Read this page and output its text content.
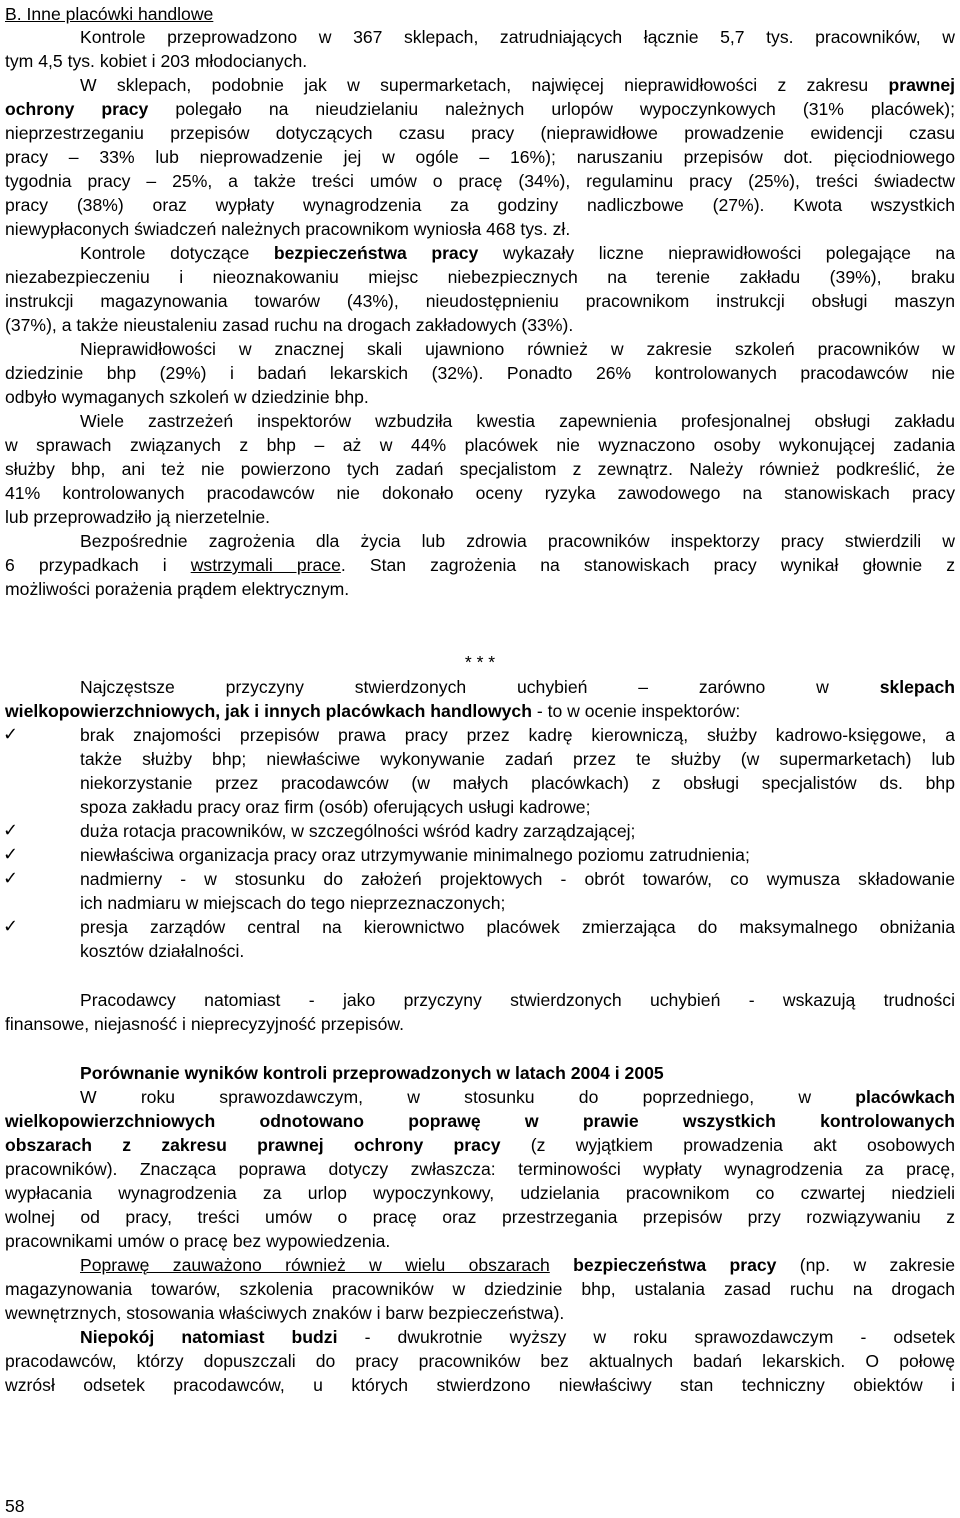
B. Inne placówki handlowe
Kontrole przeprowadzono w 367 sklepach, zatrudniających łącznie 5,7 tys. pracowników, w
tym 4,5 tys. kobiet i 203 młodocianych.
W sklepach, podobnie jak w supermarketach, najwięcej nieprawidłowości z zakresu prawnej
ochrony pracy polegało na nieudzielaniu należnych urlopów wypoczynkowych (31% placówek);
nieprzestrzeganiu przepisów dotyczących czasu pracy (nieprawidłowe prowadzenie ewidencji czasu
pracy – 33% lub nieprowadzenie jej w ogóle – 16%); naruszaniu przepisów dot. pięciodniowego
tygodnia pracy – 25%, a także treści umów o pracę (34%), regulaminu pracy (25%), treści świadectw
pracy (38%) oraz wypłaty wynagrodzenia za godziny nadliczbowe (27%). Kwota wszystkich
niewypłaconych świadczeń należnych pracownikom wyniosła 468 tys. zł.
Kontrole dotyczące bezpieczeństwa pracy wykazały liczne nieprawidłowości polegające na
niezabezpieczeniu i nieoznakowaniu miejsc niebezpiecznych na terenie zakładu (39%), braku
instrukcji magazynowania towarów (43%), nieudostępnieniu pracownikom instrukcji obsługi maszyn
(37%), a także nieustaleniu zasad ruchu na drogach zakładowych (33%).
Nieprawidłowości w znacznej skali ujawniono również w zakresie szkoleń pracowników w
dziedzinie bhp (29%) i badań lekarskich (32%). Ponadto 26% kontrolowanych pracodawców nie
odbyło wymaganych szkoleń w dziedzinie bhp.
Wiele zastrzeżeń inspektorów wzbudziła kwestia zapewnienia profesjonalnej obsługi zakładu
w sprawach związanych z bhp – aż w 44% placówek nie wyznaczono osoby wykonującej zadania
służby bhp, ani też nie powierzono tych zadań specjalistom z zewnątrz. Należy również podkreślić, że
41% kontrolowanych pracodawców nie dokonało oceny ryzyka zawodowego na stanowiskach pracy
lub przeprowadziło ją nierzetelnie.
Bezpośrednie zagrożenia dla życia lub zdrowia pracowników inspektorzy pracy stwierdzili w
6 przypadkach i wstrzymali prace. Stan zagrożenia na stanowiskach pracy wynikał głownie z
możliwości porażenia prądem elektrycznym.
* * *
Najczęstsze przyczyny stwierdzonych uchybień – zarówno w sklepach
wielkopowierzchniowych, jak i innych placówkach handlowych - to w ocenie inspektorów:
✓	brak znajomości przepisów prawa pracy przez kadrę kierowniczą, służby kadrowo-księgowe, a
także służby bhp; niewłaściwe wykonywanie zadań przez te służby (w supermarketach) lub
niekorzystanie przez pracodawców (w małych placówkach) z obsługi specjalistów ds. bhp
spoza zakładu pracy oraz firm (osób) oferujących usługi kadrowe;
✓	duża rotacja pracowników, w szczególności wśród kadry zarządzającej;
✓	niewłaściwa organizacja pracy oraz utrzymywanie minimalnego poziomu zatrudnienia;
✓	nadmierny - w stosunku do założeń projektowych - obrót towarów, co wymusza składowanie
ich nadmiaru w miejscach do tego nieprzeznaczonych;
✓	presja zarządów central na kierownictwo placówek zmierzająca do maksymalnego obniżania
kosztów działalności.
Pracodawcy natomiast - jako przyczyny stwierdzonych uchybień - wskazują trudności
finansowe, niejasność i nieprecyzyjność przepisów.
Porównanie wyników kontroli przeprowadzonych w latach 2004 i 2005
W roku sprawozdawczym, w stosunku do poprzedniego, w placówkach
wielkopowierzchniowych odnotowano poprawę w prawie wszystkich kontrolowanych
obszarach z zakresu prawnej ochrony pracy (z wyjątkiem prowadzenia akt osobowych
pracowników). Znacząca poprawa dotyczy zwłaszcza: terminowości wypłaty wynagrodzenia za pracę,
wypłacania wynagrodzenia za urlop wypoczynkowy, udzielania pracownikom co czwartej niedzieli
wolnej od pracy, treści umów o pracę oraz przestrzegania przepisów przy rozwiązywaniu z
pracownikami umów o pracę bez wypowiedzenia.
Poprawę zauważono również w wielu obszarach bezpieczeństwa pracy (np. w zakresie
magazynowania towarów, szkolenia pracowników w dziedzinie bhp, ustalania zasad ruchu na drogach
wewnętrznych, stosowania właściwych znaków i barw bezpieczeństwa).
Niepokój natomiast budzi - dwukrotnie wyższy w roku sprawozdawczym - odsetek
pracodawców, którzy dopuszczali do pracy pracowników bez aktualnych badań lekarskich. O połowę
wzrósł odsetek pracodawców, u których stwierdzono niewłaściwy stan techniczny obiektów i
58
